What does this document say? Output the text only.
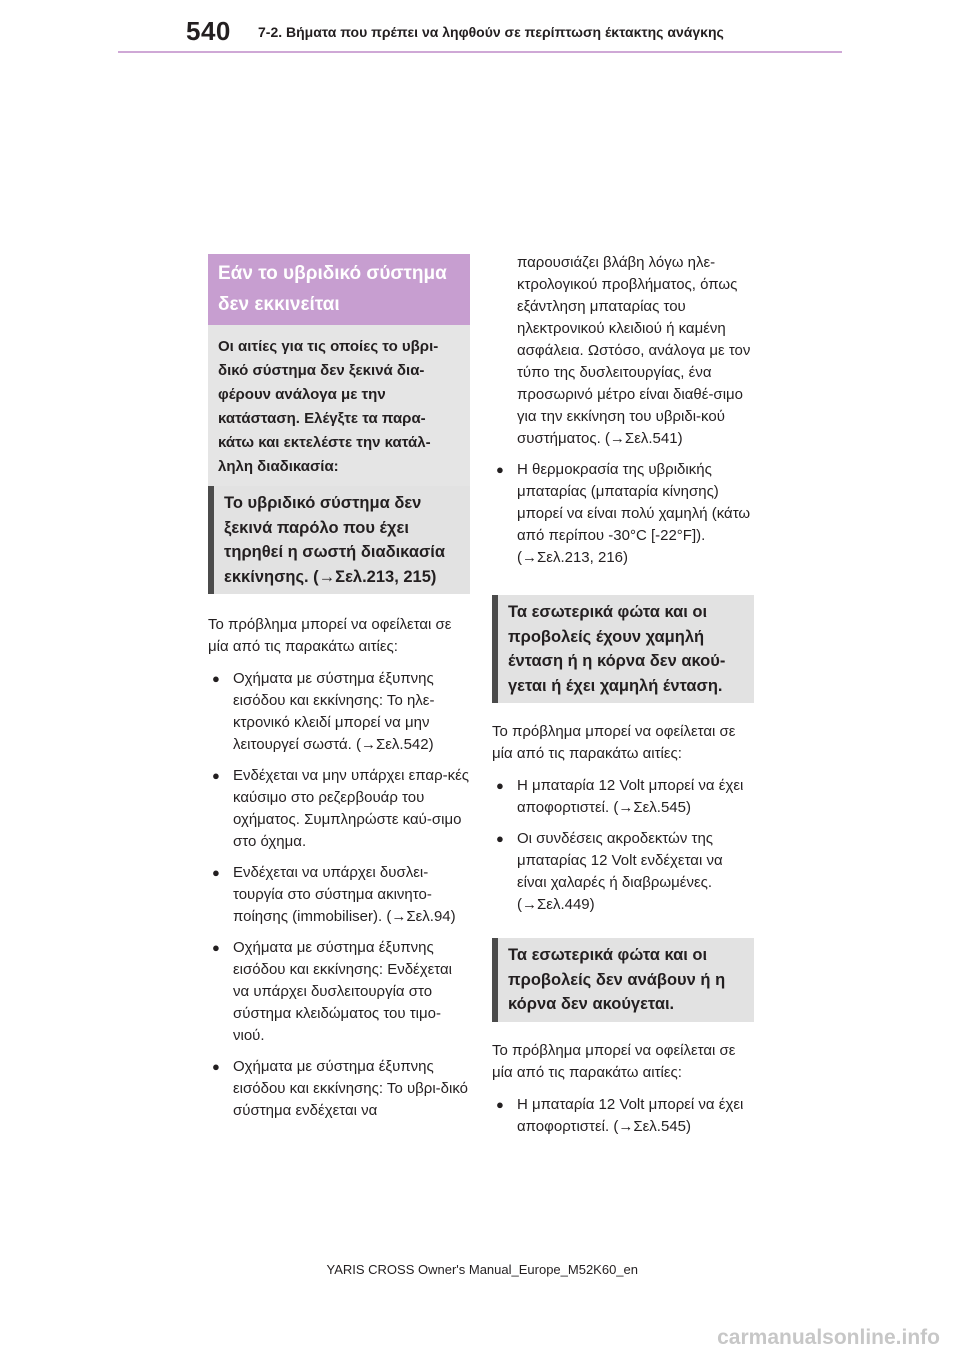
540 7-2. Βήματα που πρέπει να ληφθούν σε περίπτωση έκτακτης ανάγκης
Εάν το υβριδικό σύστημα δεν εκκινείται
Οι αιτίες για τις οποίες το υβρι-δικό σύστημα δεν ξεκινά δια-φέρουν ανάλογα με την κατάσταση. Ελέγξτε τα παρα-κάτω και εκτελέστε την κατάλ-ληλη διαδικασία:
Το υβριδικό σύστημα δεν ξεκινά παρόλο που έχει τηρηθεί η σωστή διαδικασία εκκίνησης. (→Σελ.213, 215)

Το πρόβλημα μπορεί να οφείλεται σε μία από τις παρακάτω αιτίες:

● Οχήματα με σύστημα έξυπνης εισόδου και εκκίνησης: Το ηλε-κτρονικό κλειδί μπορεί να μην λειτουργεί σωστά. (→Σελ.542)
● Ενδέχεται να μην υπάρχει επαρ-κές καύσιμο στο ρεζερβουάρ του οχήματος. Συμπληρώστε καύ-σιμο στο όχημα.
● Ενδέχεται να υπάρχει δυσλει-τουργία στο σύστημα ακινητο-ποίησης (immobiliser). (→Σελ.94)
● Οχήματα με σύστημα έξυπνης εισόδου και εκκίνησης: Ενδέχεται να υπάρχει δυσλειτουργία στο σύστημα κλειδώματος του τιμο-νιού.
● Οχήματα με σύστημα έξυπνης εισόδου και εκκίνησης: Το υβρι-δικό σύστημα ενδέχεται να

παρουσιάζει βλάβη λόγω ηλε-κτρολογικού προβλήματος, όπως εξάντληση μπαταρίας του ηλεκτρονικού κλειδιού ή καμένη ασφάλεια. Ωστόσο, ανάλογα με τον τύπο της δυσλειτουργίας, ένα προσωρινό μέτρο είναι διαθέ-σιμο για την εκκίνηση του υβριδι-κού συστήματος. (→Σελ.541)

● Η θερμοκρασία της υβριδικής μπαταρίας (μπαταρία κίνησης) μπορεί να είναι πολύ χαμηλή (κάτω από περίπου -30°C [-22°F]). (→Σελ.213, 216)
Τα εσωτερικά φώτα και οι προβολείς έχουν χαμηλή ένταση ή η κόρνα δεν ακού-γεται ή έχει χαμηλή ένταση.

Το πρόβλημα μπορεί να οφείλεται σε μία από τις παρακάτω αιτίες:

● Η μπαταρία 12 Volt μπορεί να έχει αποφορτιστεί. (→Σελ.545)
● Οι συνδέσεις ακροδεκτών της μπαταρίας 12 Volt ενδέχεται να είναι χαλαρές ή διαβρωμένες. (→Σελ.449)
Τα εσωτερικά φώτα και οι προβολείς δεν ανάβουν ή η κόρνα δεν ακούγεται.

Το πρόβλημα μπορεί να οφείλεται σε μία από τις παρακάτω αιτίες:

● Η μπαταρία 12 Volt μπορεί να έχει αποφορτιστεί. (→Σελ.545)
YARIS CROSS Owner's Manual_Europe_M52K60_en
carmanualsonline.info
